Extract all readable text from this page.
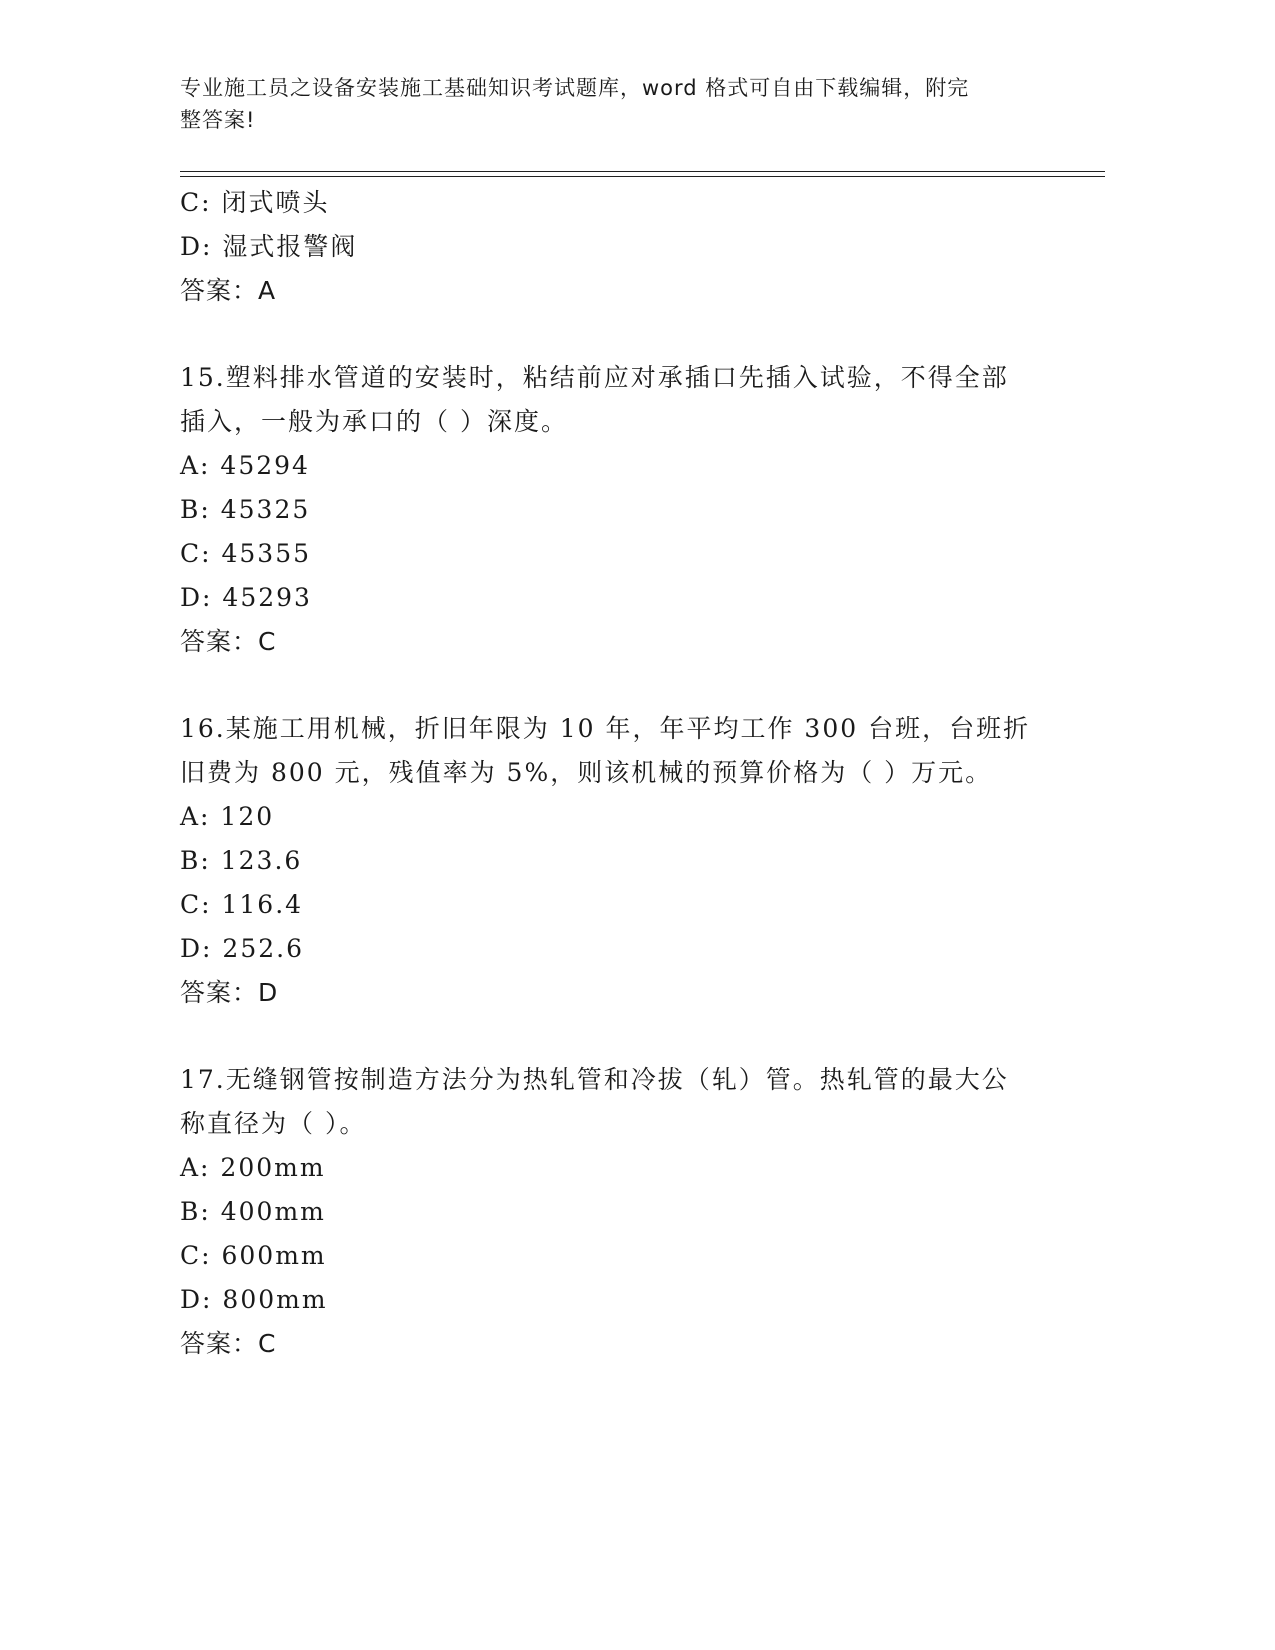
专业施工员之设备安装施工基础知识考试题库，word 格式可自由下载编辑，附完
整答案!
C: 闭式喷头
D: 湿式报警阀
答案：A
15.塑料排水管道的安装时，粘结前应对承插口先插入试验，不得全部
插入，一般为承口的（ ）深度。
A: 45294
B: 45325
C: 45355
D: 45293
答案：C
16.某施工用机械，折旧年限为 10 年，年平均工作 300 台班，台班折
旧费为 800 元，残值率为 5%，则该机械的预算价格为（ ）万元。
A: 120
B: 123.6
C: 116.4
D: 252.6
答案：D
17.无缝钢管按制造方法分为热轧管和冷拔（轧）管。热轧管的最大公
称直径为（ ）。
A: 200mm
B: 400mm
C: 600mm
D: 800mm
答案：C
